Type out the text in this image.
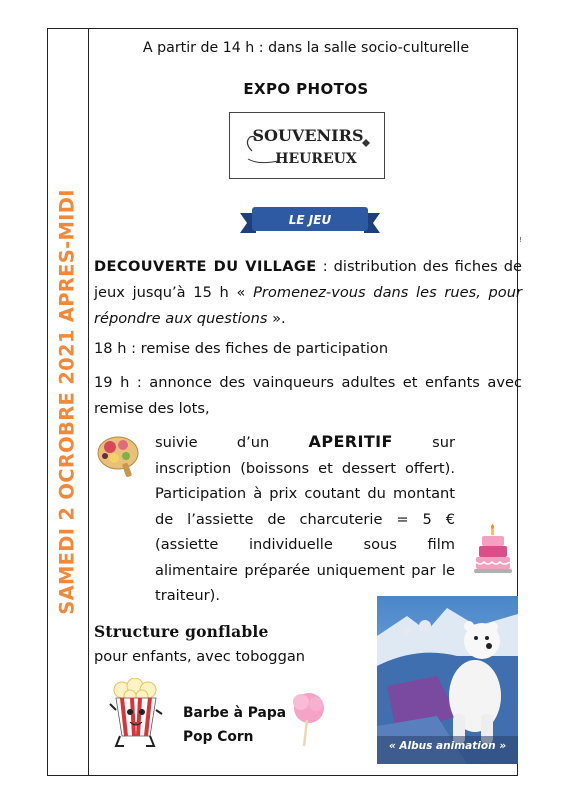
SAMEDI 2 OCROBRE 2021 APRES-MIDI
A partir de 14 h : dans la salle socio-culturelle
EXPO PHOTOS
SOUVENIRS
HEUREUX
LE JEU
!
DECOUVERTE DU VILLAGE : distribution des fiches de jeux jusqu’à 15 h « Promenez-vous dans les rues, pour répondre aux questions ».
18 h : remise des fiches de participation
19 h : annonce des vainqueurs adultes et enfants avec remise des lots,
suivie	d’un APERITIF	sur
inscription (boissons et dessert offert). Participation à prix coutant du montant de l’assiette de charcuterie = 5 € (assiette individuelle sous film alimentaire préparée uniquement par le traiteur).
Structure gonflable
pour enfants, avec toboggan
« Albus animation »
Barbe à Papa
Pop Corn
